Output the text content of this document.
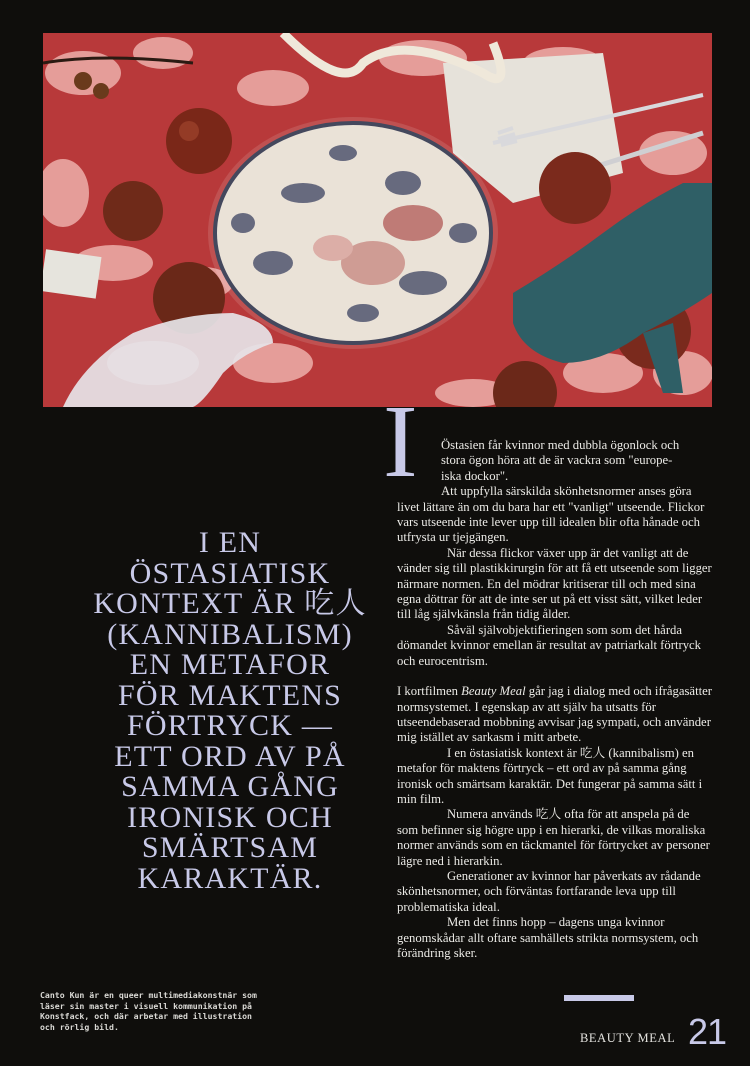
I EN

ÖSTASIATISK

KONTEXT ÄR 吃人

(KANNIBALISM)

EN METAFOR

FÖR MAKTENS

FÖRTRYCK —

ETT ORD AV PÅ

SAMMA GÅNG

IRONISK OCH

SMÄRTSAM

KARAKTÄR.

Canto Kun är en queer multimediakonstnär som

läser sin master i visuell kommunikation på

Konstfack, och där arbetar med illustration

och rörlig bild.

I Östasien får kvinnor med dubbla ögonlock och

stora ögon höra att de är vackra som "europe-

iska dockor".

Att uppfylla särskilda skönhetsnormer anses göra livet lättare än om du bara har ett "vanligt" utseende. Flickor vars utseende inte lever upp till idealen blir ofta hånade och utfrysta ur tjejgängen.

När dessa flickor växer upp är det vanligt att de vänder sig till plastikkirurgin för att få ett utseende som ligger närmare normen. En del mödrar kritiserar till och med sina egna döttrar för att de inte ser ut på ett visst sätt, vilket leder till låg självkänsla från tidig ålder.

Såväl självobjektifieringen som som det hårda dömandet kvinnor emellan är resultat av patriarkalt förtryck och eurocentrism.

I kortfilmen Beauty Meal går jag i dialog med och ifrågasätter normsystemet. I egenskap av att själv ha utsatts för utseendebaserad mobbning avvisar jag sympati, och använder mig istället av sarkasm i mitt arbete.

I en östasiatisk kontext är 吃人 (kannibalism) en metafor för maktens förtryck – ett ord av på samma gång ironisk och smärtsam karaktär. Det fungerar på samma sätt i min film.

Numera används 吃人 ofta för att anspela på de som befinner sig högre upp i en hierarki, de vilkas moraliska normer används som en täckmantel för förtrycket av personer lägre ned i hierarkin.

Generationer av kvinnor har påverkats av rådande skönhetsnormer, och förväntas fortfarande leva upp till problematiska ideal.

Men det finns hopp – dagens unga kvinnor genomskådar allt oftare samhällets strikta normsystem, och förändring sker.

BEAUTY MEAL 21
